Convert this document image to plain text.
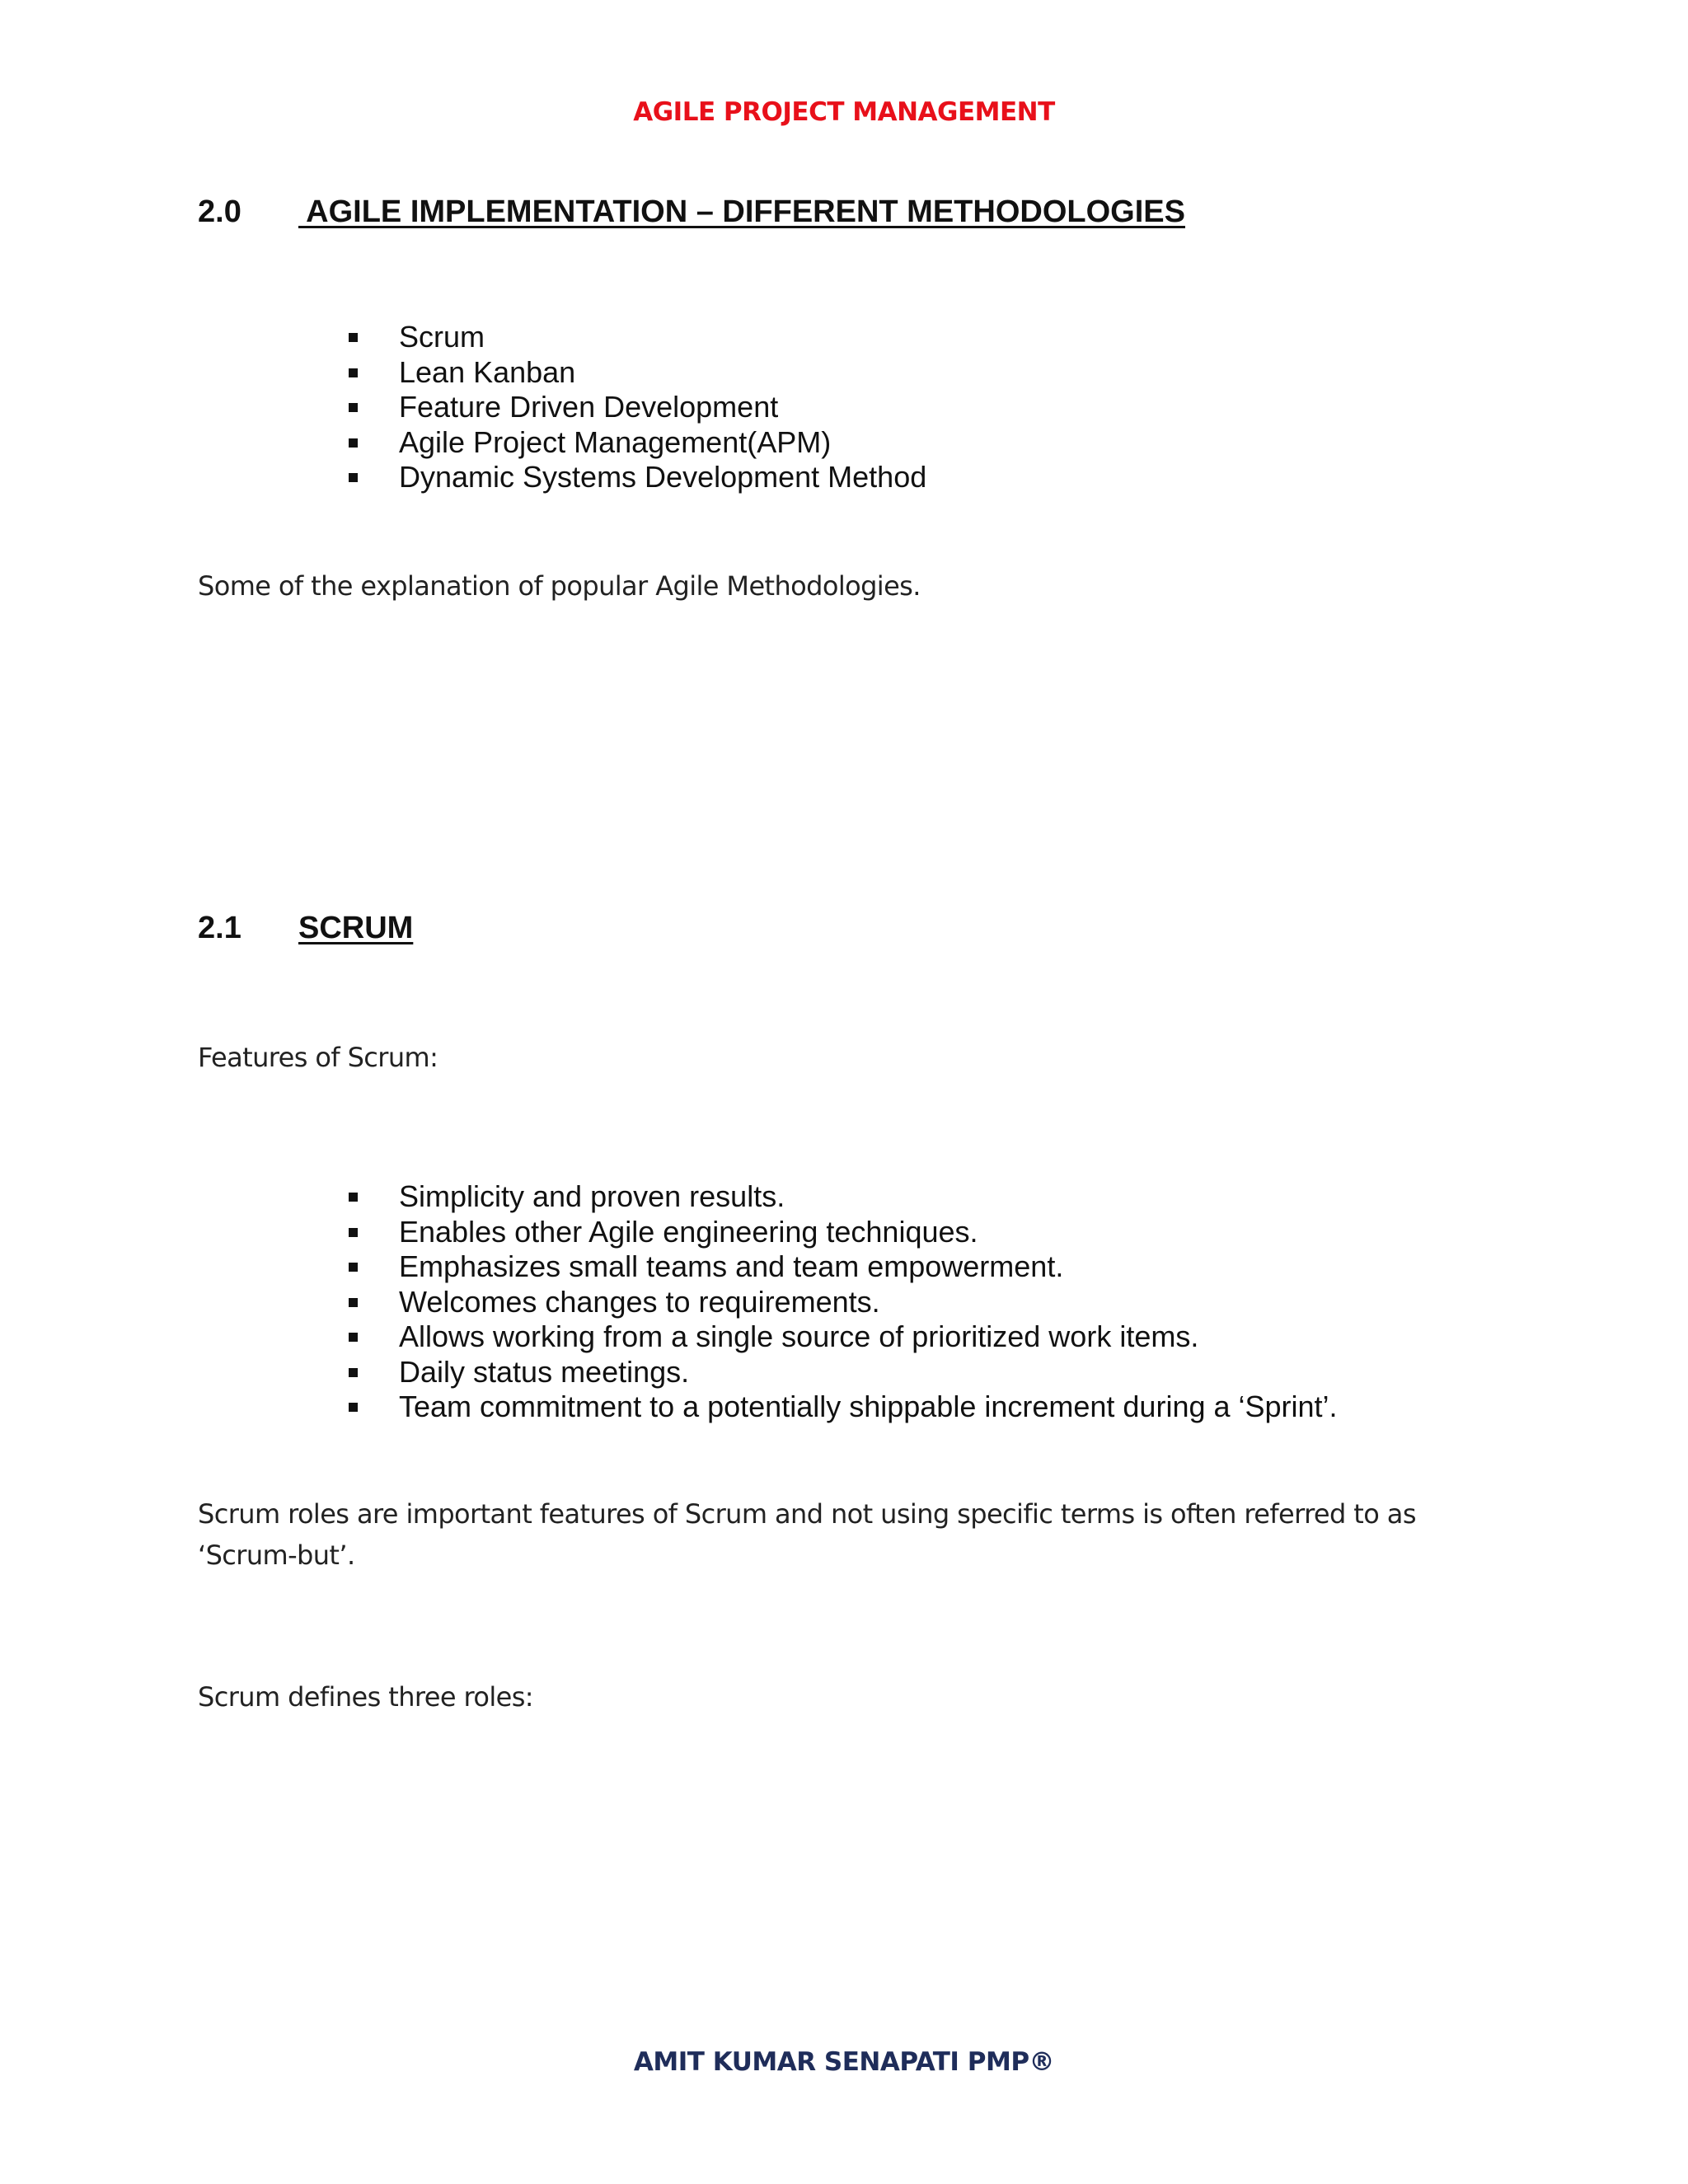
AGILE PROJECT MANAGEMENT
2.0 AGILE IMPLEMENTATION – DIFFERENT METHODOLOGIES
Scrum
Lean Kanban
Feature Driven Development
Agile Project Management(APM)
Dynamic Systems Development Method

Some of the explanation of popular Agile Methodologies.

2.1 SCRUM

Features of Scrum:

Simplicity and proven results.
Enables other Agile engineering techniques.
Emphasizes small teams and team empowerment.
Welcomes changes to requirements.
Allows working from a single source of prioritized work items.
Daily status meetings.
Team commitment to a potentially shippable increment during a ‘Sprint’.

Scrum roles are important features of Scrum and not using specific terms is often referred to as ‘Scrum-but’.

Scrum defines three roles:

AMIT KUMAR SENAPATI PMP®
